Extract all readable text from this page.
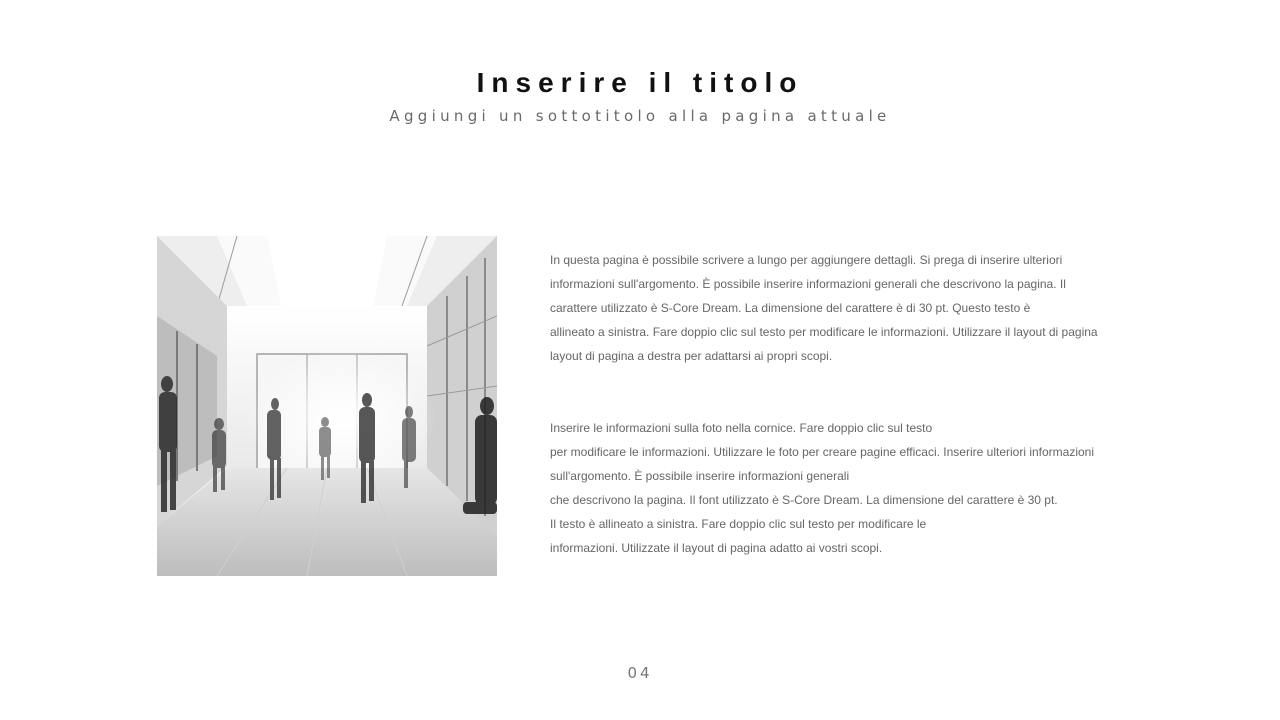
Inserire il titolo

Aggiungi un sottotitolo alla pagina attuale

In questa pagina è possibile scrivere a lungo per aggiungere dettagli. Si prega di inserire ulteriori
informazioni sull'argomento. È possibile inserire informazioni generali che descrivono la pagina. Il
carattere utilizzato è S-Core Dream. La dimensione del carattere è di 30 pt. Questo testo è
allineato a sinistra. Fare doppio clic sul testo per modificare le informazioni. Utilizzare il layout di pagina
layout di pagina a destra per adattarsi ai propri scopi.
Inserire le informazioni sulla foto nella cornice. Fare doppio clic sul testo
per modificare le informazioni. Utilizzare le foto per creare pagine efficaci. Inserire ulteriori informazioni
sull'argomento. È possibile inserire informazioni generali
che descrivono la pagina. Il font utilizzato è S-Core Dream. La dimensione del carattere è 30 pt.
Il testo è allineato a sinistra. Fare doppio clic sul testo per modificare le
informazioni. Utilizzate il layout di pagina adatto ai vostri scopi.
04
